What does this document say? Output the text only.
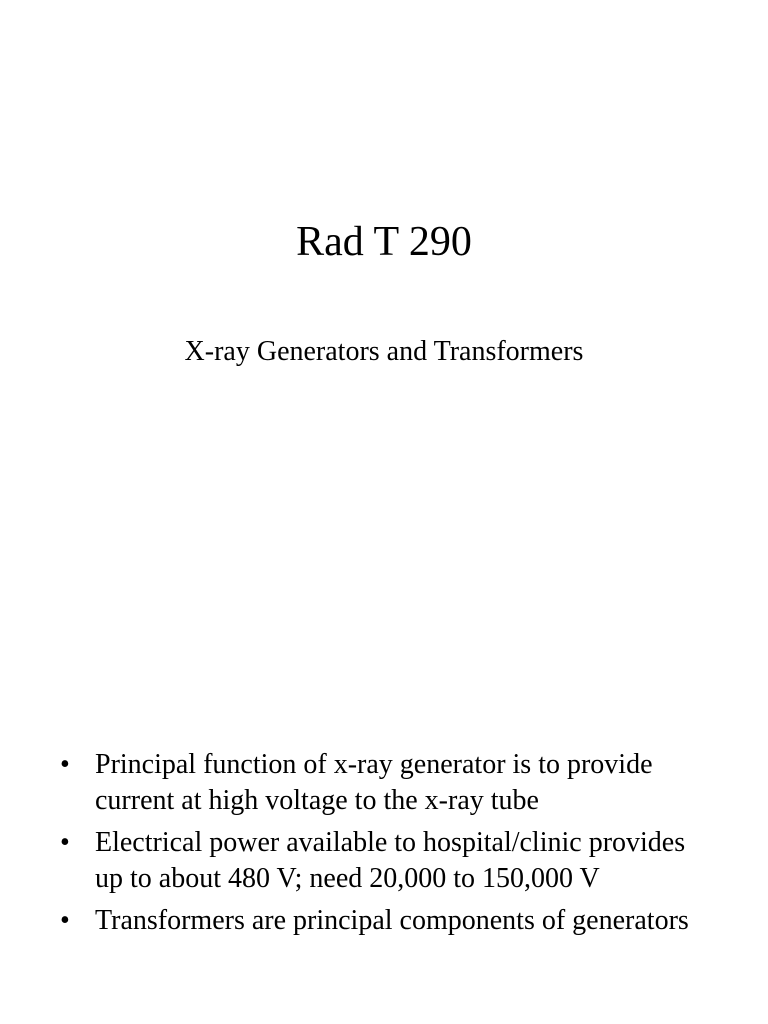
Rad T 290
X-ray Generators and Transformers
• Principal function of x-ray generator is to provide current at high voltage to the x-ray tube
• Electrical power available to hospital/clinic provides up to about 480 V; need 20,000 to 150,000 V
• Transformers are principal components of generators
